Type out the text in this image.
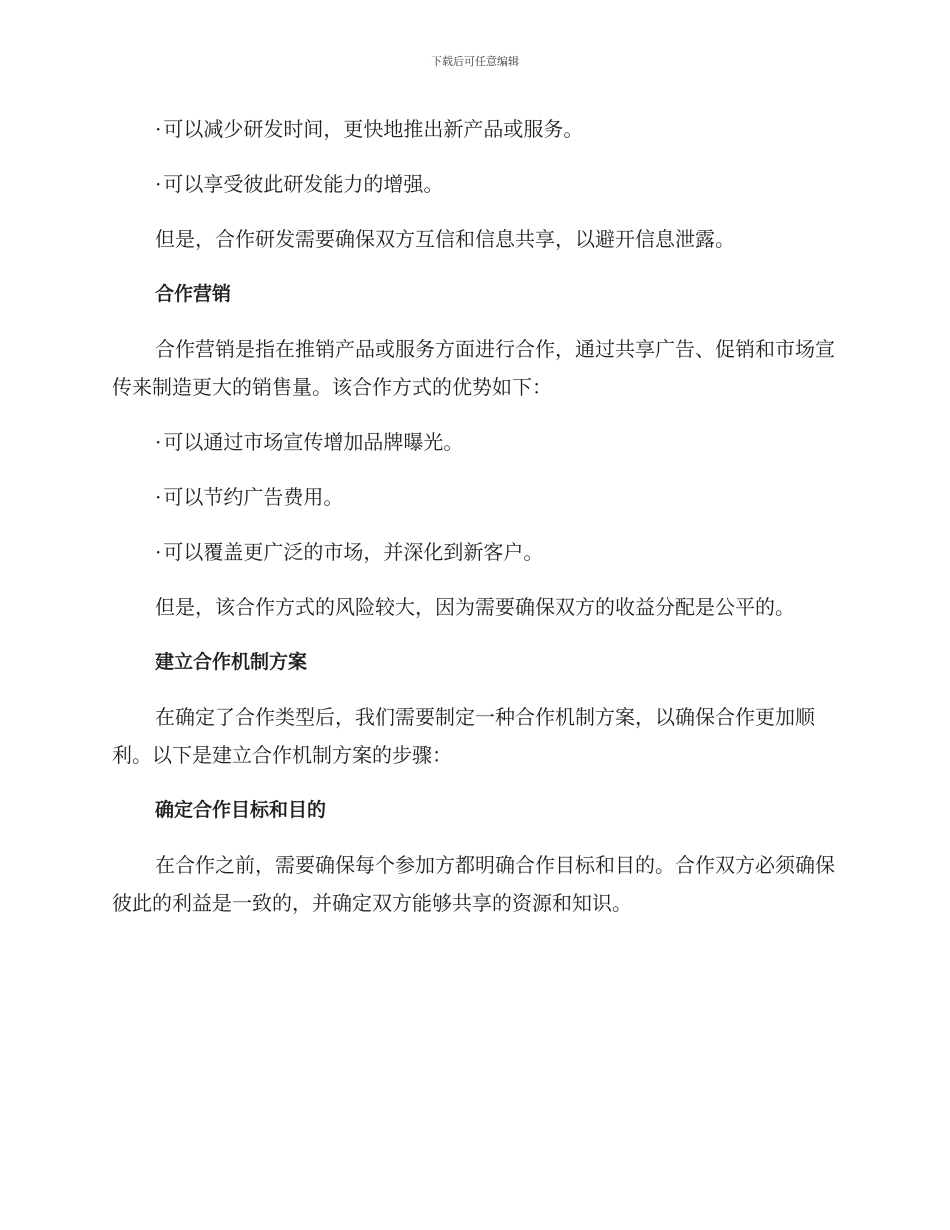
下载后可任意编辑

· 可以减少研发时间，更快地推出新产品或服务。

· 可以享受彼此研发能力的增强。

但是，合作研发需要确保双方互信和信息共享，以避开信息泄露。

合作营销

合作营销是指在推销产品或服务方面进行合作，通过共享广告、促销和市场宣传来制造更大的销售量。该合作方式的优势如下：

· 可以通过市场宣传增加品牌曝光。

· 可以节约广告费用。

· 可以覆盖更广泛的市场，并深化到新客户。

但是，该合作方式的风险较大，因为需要确保双方的收益分配是公平的。

建立合作机制方案

在确定了合作类型后，我们需要制定一种合作机制方案，以确保合作更加顺利。以下是建立合作机制方案的步骤：

确定合作目标和目的

在合作之前，需要确保每个参加方都明确合作目标和目的。合作双方必须确保彼此的利益是一致的，并确定双方能够共享的资源和知识。
